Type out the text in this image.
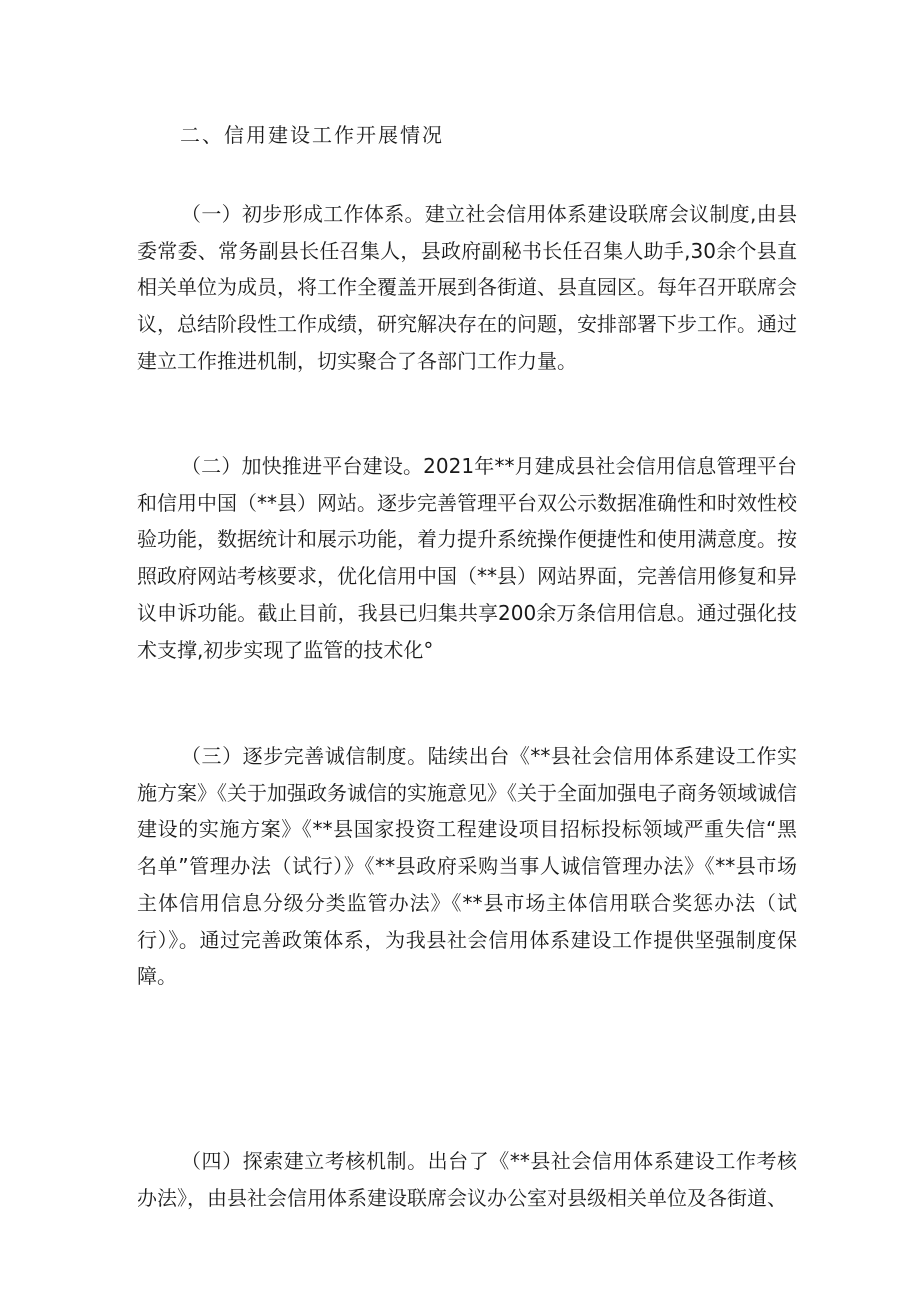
二、信用建设工作开展情况

（一）初步形成工作体系。建立社会信用体系建设联席会议制度,由县委常委、常务副县长任召集人，县政府副秘书长任召集人助手,30余个县直相关单位为成员，将工作全覆盖开展到各街道、县直园区。每年召开联席会议，总结阶段性工作成绩，研究解决存在的问题，安排部署下步工作。通过建立工作推进机制，切实聚合了各部门工作力量。

（二）加快推进平台建设。2021年**月建成县社会信用信息管理平台和信用中国（**县）网站。逐步完善管理平台双公示数据准确性和时效性校验功能，数据统计和展示功能，着力提升系统操作便捷性和使用满意度。按照政府网站考核要求，优化信用中国（**县）网站界面，完善信用修复和异议申诉功能。截止目前，我县已归集共享200余万条信用信息。通过强化技术支撑,初步实现了监管的技术化°

（三）逐步完善诚信制度。陆续出台《**县社会信用体系建设工作实施方案》《关于加强政务诚信的实施意见》《关于全面加强电子商务领域诚信建设的实施方案》《**县国家投资工程建设项目招标投标领域严重失信“黑名单”管理办法（试行）》《**县政府采购当事人诚信管理办法》《**县市场主体信用信息分级分类监管办法》《**县市场主体信用联合奖惩办法（试行）》。通过完善政策体系，为我县社会信用体系建设工作提供坚强制度保障。

（四）探索建立考核机制。出台了《**县社会信用体系建设工作考核办法》，由县社会信用体系建设联席会议办公室对县级相关单位及各街道、
